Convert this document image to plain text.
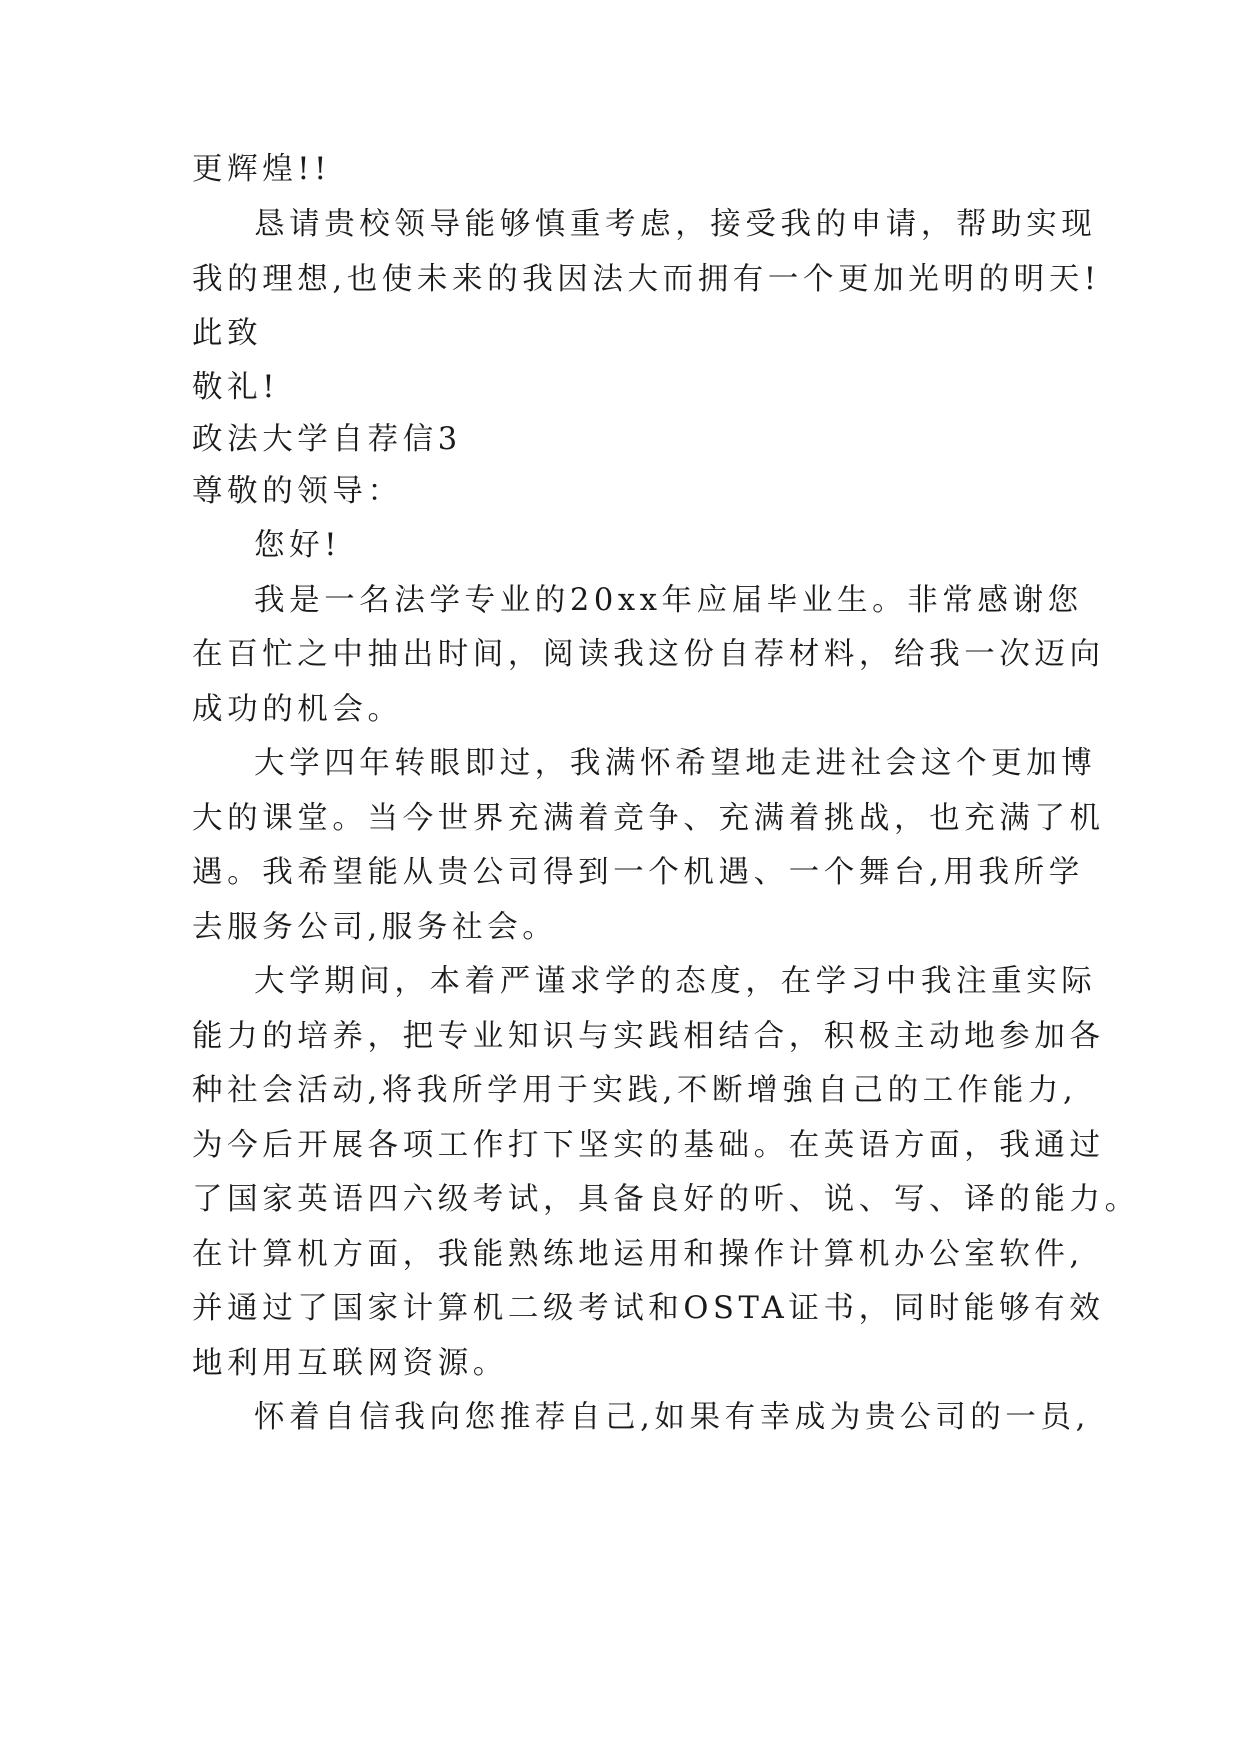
更辉煌!!
恳请贵校领导能够慎重考虑，接受我的申请，帮助实现
我的理想,也使未来的我因法大而拥有一个更加光明的明天!
此致
敬礼!
政法大学自荐信3
尊敬的领导：
您好!
我是一名法学专业的20xx年应届毕业生。非常感谢您
在百忙之中抽出时间，阅读我这份自荐材料，给我一次迈向
成功的机会。
大学四年转眼即过，我满怀希望地走进社会这个更加博
大的课堂。当今世界充满着竞争、充满着挑战，也充满了机
遇。我希望能从贵公司得到一个机遇、一个舞台,用我所学
去服务公司,服务社会。
大学期间，本着严谨求学的态度，在学习中我注重实际
能力的培养，把专业知识与实践相结合，积极主动地参加各
种社会活动,将我所学用于实践,不断增強自己的工作能力,
为今后开展各项工作打下坚实的基础。在英语方面，我通过
了国家英语四六级考试，具备良好的听、说、写、译的能力。
在计算机方面，我能熟练地运用和操作计算机办公室软件,
并通过了国家计算机二级考试和OSTA证书，同时能够有效
地利用互联网资源。
怀着自信我向您推荐自己,如果有幸成为贵公司的一员,
